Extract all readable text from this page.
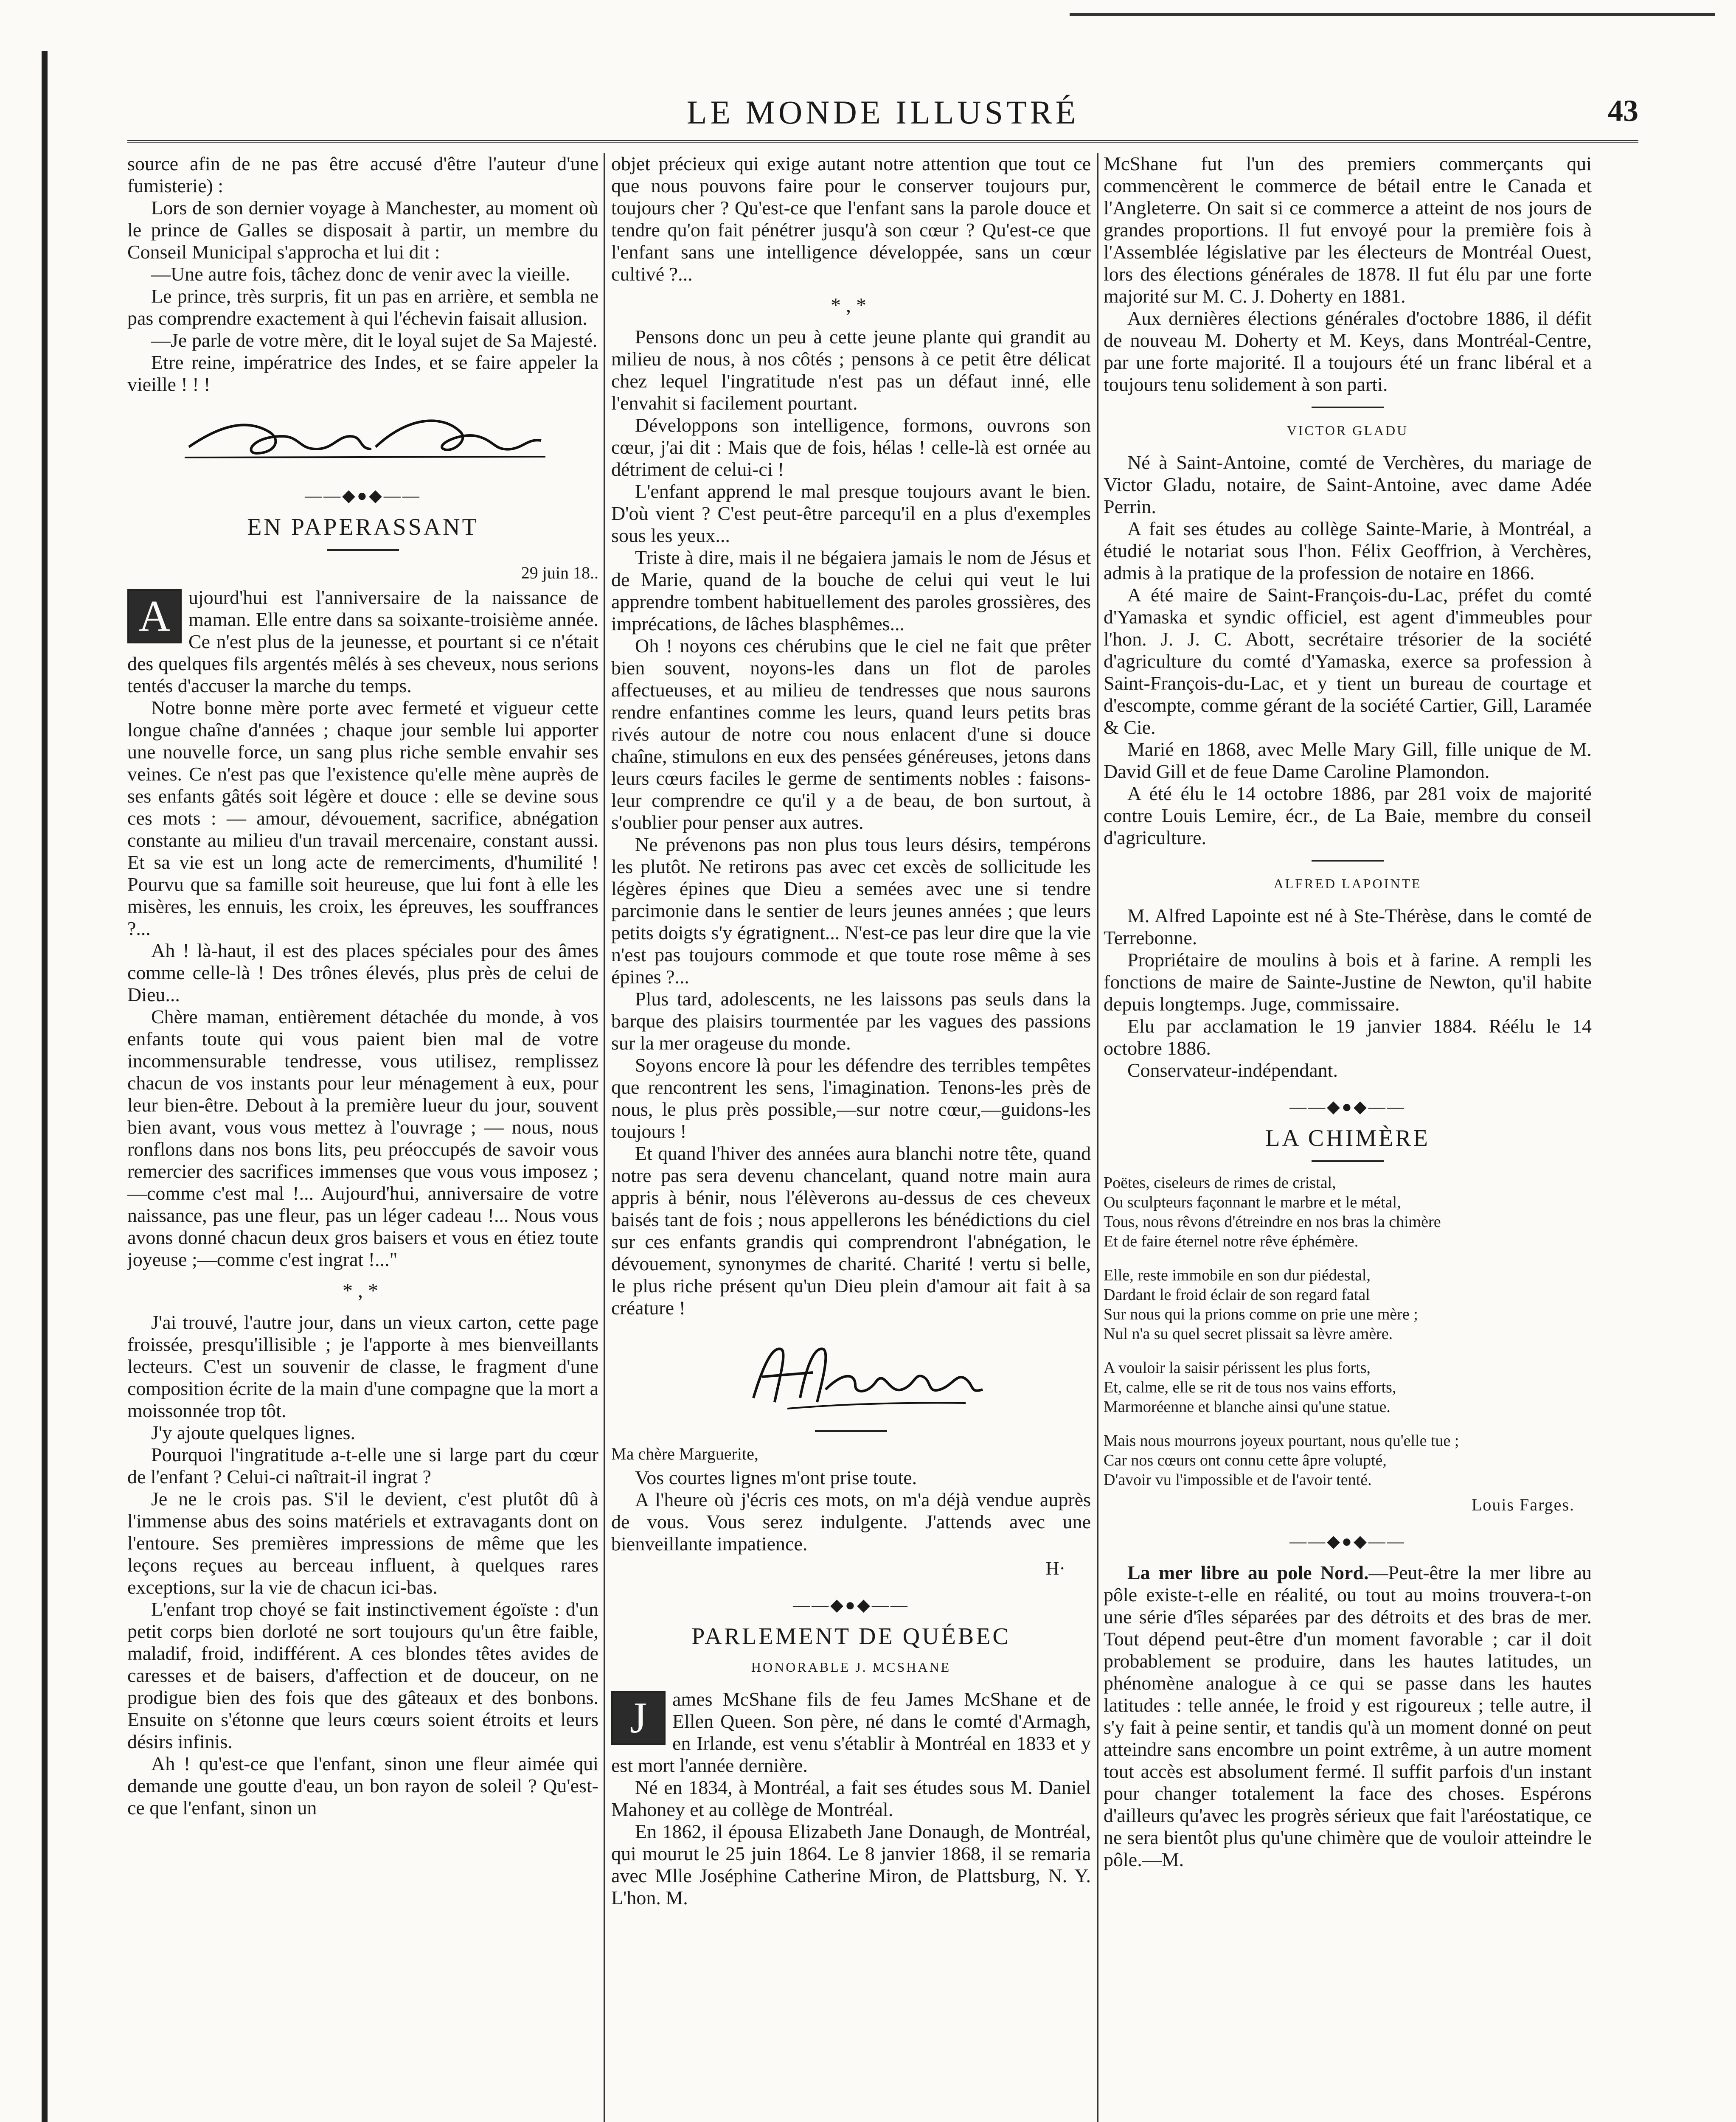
LE MONDE ILLUSTRÉ	43

source afin de ne pas être accusé d'être l'auteur d'une fumisterie) :

Lors de son dernier voyage à Manchester, au moment où le prince de Galles se disposait à partir, un membre du Conseil Municipal s'approcha et lui dit :

—Une autre fois, tâchez donc de venir avec la vieille.

Le prince, très surpris, fit un pas en arrière, et sembla ne pas comprendre exactement à qui l'échevin faisait allusion.

—Je parle de votre mère, dit le loyal sujet de Sa Majesté.

Etre reine, impératrice des Indes, et se faire appeler la vieille ! ! !

——◆●◆——
EN PAPERASSANT
29 juin 18..

A ujourd'hui est l'anniversaire de la naissance de maman. Elle entre dans sa soixante-troisième année. Ce n'est plus de la jeunesse, et pourtant si ce n'était des quelques fils argentés mêlés à ses cheveux, nous serions tentés d'accuser la marche du temps.

Notre bonne mère porte avec fermeté et vigueur cette longue chaîne d'années ; chaque jour semble lui apporter une nouvelle force, un sang plus riche semble envahir ses veines. Ce n'est pas que l'existence qu'elle mène auprès de ses enfants gâtés soit légère et douce : elle se devine sous ces mots : — amour, dévouement, sacrifice, abnégation constante au milieu d'un travail mercenaire, constant aussi. Et sa vie est un long acte de remerciments, d'humilité ! Pourvu que sa famille soit heureuse, que lui font à elle les misères, les ennuis, les croix, les épreuves, les souffrances ?...

Ah ! là-haut, il est des places spéciales pour des âmes comme celle-là ! Des trônes élevés, plus près de celui de Dieu...

Chère maman, entièrement détachée du monde, à vos enfants toute qui vous paient bien mal de votre incommensurable tendresse, vous utilisez, remplissez chacun de vos instants pour leur ménagement à eux, pour leur bien-être. Debout à la première lueur du jour, souvent bien avant, vous vous mettez à l'ouvrage ; — nous, nous ronflons dans nos bons lits, peu préoccupés de savoir vous remercier des sacrifices immenses que vous vous imposez ;—comme c'est mal !... Aujourd'hui, anniversaire de votre naissance, pas une fleur, pas un léger cadeau !... Nous vous avons donné chacun deux gros baisers et vous en étiez toute joyeuse ;—comme c'est ingrat !..."

*,*

J'ai trouvé, l'autre jour, dans un vieux carton, cette page froissée, presqu'illisible ; je l'apporte à mes bienveillants lecteurs. C'est un souvenir de classe, le fragment d'une composition écrite de la main d'une compagne que la mort a moissonnée trop tôt.

J'y ajoute quelques lignes.

Pourquoi l'ingratitude a-t-elle une si large part du cœur de l'enfant ? Celui-ci naîtrait-il ingrat ?

Je ne le crois pas. S'il le devient, c'est plutôt dû à l'immense abus des soins matériels et extravagants dont on l'entoure. Ses premières impressions de même que les leçons reçues au berceau influent, à quelques rares exceptions, sur la vie de chacun ici-bas.

L'enfant trop choyé se fait instinctivement égoïste : d'un petit corps bien dorloté ne sort toujours qu'un être faible, maladif, froid, indifférent. A ces blondes têtes avides de caresses et de baisers, d'affection et de douceur, on ne prodigue bien des fois que des gâteaux et des bonbons. Ensuite on s'étonne que leurs cœurs soient étroits et leurs désirs infinis.

Ah ! qu'est-ce que l'enfant, sinon une fleur aimée qui demande une goutte d'eau, un bon rayon de soleil ? Qu'est-ce que l'enfant, sinon un

objet précieux qui exige autant notre attention que tout ce que nous pouvons faire pour le conserver toujours pur, toujours cher ? Qu'est-ce que l'enfant sans la parole douce et tendre qu'on fait pénétrer jusqu'à son cœur ? Qu'est-ce que l'enfant sans une intelligence développée, sans un cœur cultivé ?...

*,*

Pensons donc un peu à cette jeune plante qui grandit au milieu de nous, à nos côtés ; pensons à ce petit être délicat chez lequel l'ingratitude n'est pas un défaut inné, elle l'envahit si facilement pourtant.

Développons son intelligence, formons, ouvrons son cœur, j'ai dit : Mais que de fois, hélas ! celle-là est ornée au détriment de celui-ci !

L'enfant apprend le mal presque toujours avant le bien. D'où vient ? C'est peut-être parcequ'il en a plus d'exemples sous les yeux...

Triste à dire, mais il ne bégaiera jamais le nom de Jésus et de Marie, quand de la bouche de celui qui veut le lui apprendre tombent habituellement des paroles grossières, des imprécations, de lâches blasphêmes...

Oh ! noyons ces chérubins que le ciel ne fait que prêter bien souvent, noyons-les dans un flot de paroles affectueuses, et au milieu de tendresses que nous saurons rendre enfantines comme les leurs, quand leurs petits bras rivés autour de notre cou nous enlacent d'une si douce chaîne, stimulons en eux des pensées généreuses, jetons dans leurs cœurs faciles le germe de sentiments nobles : faisons-leur comprendre ce qu'il y a de beau, de bon surtout, à s'oublier pour penser aux autres.

Ne prévenons pas non plus tous leurs désirs, tempérons les plutôt. Ne retirons pas avec cet excès de sollicitude les légères épines que Dieu a semées avec une si tendre parcimonie dans le sentier de leurs jeunes années ; que leurs petits doigts s'y égratignent... N'est-ce pas leur dire que la vie n'est pas toujours commode et que toute rose même à ses épines ?...

Plus tard, adolescents, ne les laissons pas seuls dans la barque des plaisirs tourmentée par les vagues des passions sur la mer orageuse du monde.

Soyons encore là pour les défendre des terribles tempêtes que rencontrent les sens, l'imagination. Tenons-les près de nous, le plus près possible,—sur notre cœur,—guidons-les toujours !

Et quand l'hiver des années aura blanchi notre tête, quand notre pas sera devenu chancelant, quand notre main aura appris à bénir, nous l'élèverons au-dessus de ces cheveux baisés tant de fois ; nous appellerons les bénédictions du ciel sur ces enfants grandis qui comprendront l'abnégation, le dévouement, synonymes de charité. Charité ! vertu si belle, le plus riche présent qu'un Dieu plein d'amour ait fait à sa créature !

Ma chère Marguerite,

Vos courtes lignes m'ont prise toute.

A l'heure où j'écris ces mots, on m'a déjà vendue auprès de vous. Vous serez indulgente. J'attends avec une bienveillante impatience.

H·
——◆●◆——
PARLEMENT DE QUÉBEC
HONORABLE J. MCSHANE

J	ames McShane fils de feu James McShane et de Ellen Queen. Son père, né dans le comté d'Armagh, en Irlande, est venu s'établir à Montréal en 1833 et y est mort l'année dernière.

Né en 1834, à Montréal, a fait ses études sous M. Daniel Mahoney et au collège de Montréal.

En 1862, il épousa Elizabeth Jane Donaugh, de Montréal, qui mourut le 25 juin 1864. Le 8 janvier 1868, il se remaria avec Mlle Joséphine Catherine Miron, de Plattsburg, N. Y. L'hon. M.

McShane fut l'un des premiers commerçants qui commencèrent le commerce de bétail entre le Canada et l'Angleterre. On sait si ce commerce a atteint de nos jours de grandes proportions. Il fut envoyé pour la première fois à l'Assemblée législative par les électeurs de Montréal Ouest, lors des élections générales de 1878. Il fut élu par une forte majorité sur M. C. J. Doherty en 1881.

Aux dernières élections générales d'octobre 1886, il défit de nouveau M. Doherty et M. Keys, dans Montréal-Centre, par une forte majorité. Il a toujours été un franc libéral et a toujours tenu solidement à son parti.

VICTOR GLADU

Né à Saint-Antoine, comté de Verchères, du mariage de Victor Gladu, notaire, de Saint-Antoine, avec dame Adée Perrin.

A fait ses études au collège Sainte-Marie, à Montréal, a étudié le notariat sous l'hon. Félix Geoffrion, à Verchères, admis à la pratique de la profession de notaire en 1866.

A été maire de Saint-François-du-Lac, préfet du comté d'Yamaska et syndic officiel, est agent d'immeubles pour l'hon. J. J. C. Abott, secrétaire trésorier de la société d'agriculture du comté d'Yamaska, exerce sa profession à Saint-François-du-Lac, et y tient un bureau de courtage et d'escompte, comme gérant de la société Cartier, Gill, Laramée & Cie.

Marié en 1868, avec Melle Mary Gill, fille unique de M. David Gill et de feue Dame Caroline Plamondon.

A été élu le 14 octobre 1886, par 281 voix de majorité contre Louis Lemire, écr., de La Baie, membre du conseil d'agriculture.

ALFRED LAPOINTE

M. Alfred Lapointe est né à Ste-Thérèse, dans le comté de Terrebonne.

Propriétaire de moulins à bois et à farine. A rempli les fonctions de maire de Sainte-Justine de Newton, qu'il habite depuis longtemps. Juge, commissaire.

Elu par acclamation le 19 janvier 1884. Réélu le 14 octobre 1886.

Conservateur-indépendant.

——◆●◆——
LA CHIMÈRE
Poëtes, ciseleurs de rimes de cristal,
Ou sculpteurs façonnant le marbre et le métal,
Tous, nous rêvons d'étreindre en nos bras la chimère
Et de faire éternel notre rêve éphémère.
Elle, reste immobile en son dur piédestal,
Dardant le froid éclair de son regard fatal
Sur nous qui la prions comme on prie une mère ;
Nul n'a su quel secret plissait sa lèvre amère.
A vouloir la saisir périssent les plus forts,
Et, calme, elle se rit de tous nos vains efforts,
Marmoréenne et blanche ainsi qu'une statue.
Mais nous mourrons joyeux pourtant, nous qu'elle tue ;
Car nos cœurs ont connu cette âpre volupté,
D'avoir vu l'impossible et de l'avoir tenté.
Louis Farges.
——◆●◆——

La mer libre au pole Nord.—Peut-être la mer libre au pôle existe-t-elle en réalité, ou tout au moins trouvera-t-on une série d'îles séparées par des détroits et des bras de mer. Tout dépend peut-être d'un moment favorable ; car il doit probablement se produire, dans les hautes latitudes, un phénomène analogue à ce qui se passe dans les hautes latitudes : telle année, le froid y est rigoureux ; telle autre, il s'y fait à peine sentir, et tandis qu'à un moment donné on peut atteindre sans encombre un point extrême, à un autre moment tout accès est absolument fermé. Il suffit parfois d'un instant pour changer totalement la face des choses. Espérons d'ailleurs qu'avec les progrès sérieux que fait l'aréostatique, ce ne sera bientôt plus qu'une chimère que de vouloir atteindre le pôle.—M.
